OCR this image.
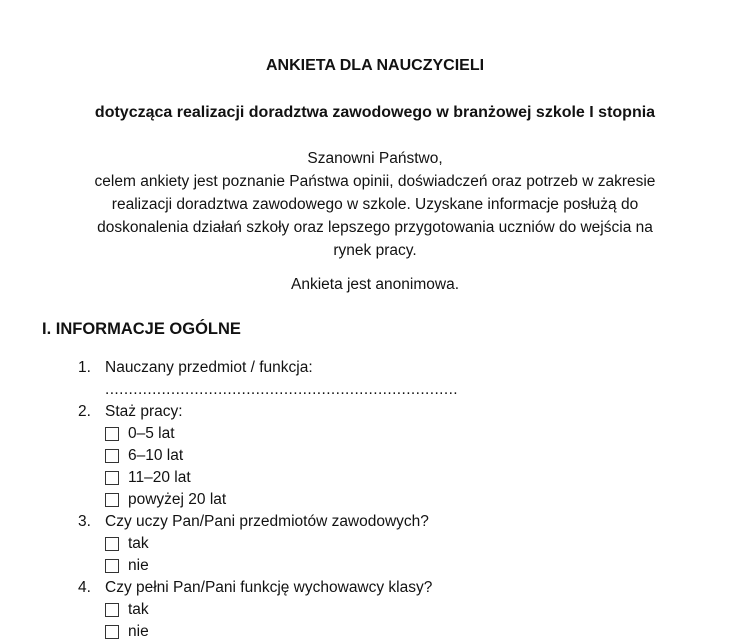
ANKIETA DLA NAUCZYCIELI
dotycząca realizacji doradztwa zawodowego w branżowej szkole I stopnia
Szanowni Państwo,
celem ankiety jest poznanie Państwa opinii, doświadczeń oraz potrzeb w zakresie
realizacji doradztwa zawodowego w szkole. Uzyskane informacje posłużą do
doskonalenia działań szkoły oraz lepszego przygotowania uczniów do wejścia na
rynek pracy.

Ankieta jest anonimowa.

I. INFORMACJE OGÓLNE
1. Nauczany przedmiot / funkcja:
...........................................................................
2. Staż pracy:
0–5 lat
6–10 lat
11–20 lat
powyżej 20 lat
3. Czy uczy Pan/Pani przedmiotów zawodowych?
tak
nie
4. Czy pełni Pan/Pani funkcję wychowawcy klasy?
tak
nie
